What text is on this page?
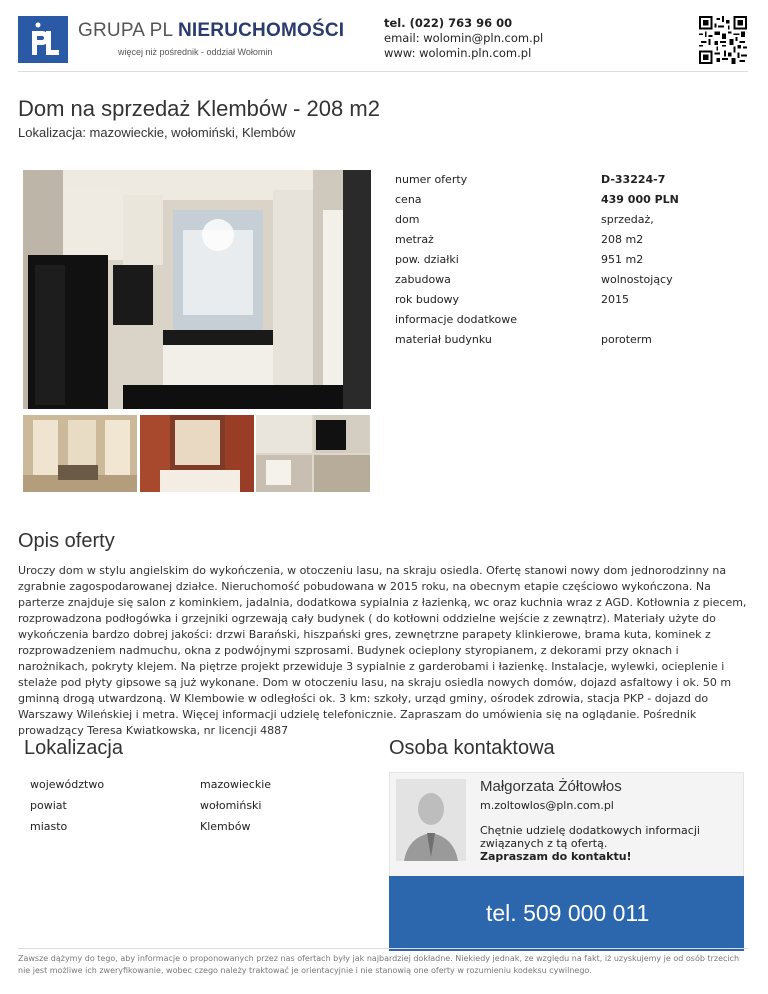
GRUPA PL NIERUCHOMOŚCI
więcej niż pośrednik - oddział Wołomin
tel. (022) 763 96 00
email: wolomin@pln.com.pl
www: wolomin.pln.com.pl
Dom na sprzedaż Klembów - 208 m2
Lokalizacja: mazowieckie, wołomiński, Klembów
numer oferty	D-33224-7
cena	439 000 PLN
dom	sprzedaż,
metraż	208 m2
pow. działki	951 m2
zabudowa	wolnostojący
rok budowy	2015
informacje dodatkowe
materiał budynku	poroterm
Opis oferty
Uroczy dom w stylu angielskim do wykończenia, w otoczeniu lasu, na skraju osiedla. Ofertę stanowi nowy dom jednorodzinny na zgrabnie zagospodarowanej działce. Nieruchomość pobudowana w 2015 roku, na obecnym etapie częściowo wykończona. Na parterze znajduje się salon z kominkiem, jadalnia, dodatkowa sypialnia z łazienką, wc oraz kuchnia wraz z AGD. Kotłownia z piecem, rozprowadzona podłogówka i grzejniki ogrzewają cały budynek ( do kotłowni oddzielne wejście z zewnątrz). Materiały użyte do wykończenia bardzo dobrej jakości: drzwi Barański, hiszpański gres, zewnętrzne parapety klinkierowe, brama kuta, kominek z rozprowadzeniem nadmuchu, okna z podwójnymi szprosami. Budynek ocieplony styropianem, z dekorami przy oknach i narożnikach, pokryty klejem. Na piętrze projekt przewiduje 3 sypialnie z garderobami i łazienkę. Instalacje, wylewki, ocieplenie i stelaże pod płyty gipsowe są już wykonane. Dom w otoczeniu lasu, na skraju osiedla nowych domów, dojazd asfaltowy i ok. 50 m gminną drogą utwardzoną. W Klembowie w odległości ok. 3 km: szkoły, urząd gminy, ośrodek zdrowia, stacja PKP - dojazd do Warszawy Wileńskiej i metra. Więcej informacji udzielę telefonicznie. Zapraszam do umówienia się na oglądanie. Pośrednik prowadzący Teresa Kwiatkowska, nr licencji 4887
Lokalizacja
województwo	mazowieckie
powiat	wołomiński
miasto	Klembów
Osoba kontaktowa
Małgorzata Żółtowłos
m.zoltowlos@pln.com.pl
Chętnie udzielę dodatkowych informacji związanych z tą ofertą.
Zapraszam do kontaktu!
tel. 509 000 011
Zawsze dążymy do tego, aby informacje o proponowanych przez nas ofertach były jak najbardziej dokładne. Niekiedy jednak, ze względu na fakt, iż uzyskujemy je od osób trzecich nie jest możliwe ich zweryfikowanie, wobec czego należy traktować je orientacyjnie i nie stanowią one oferty w rozumieniu kodeksu cywilnego.
